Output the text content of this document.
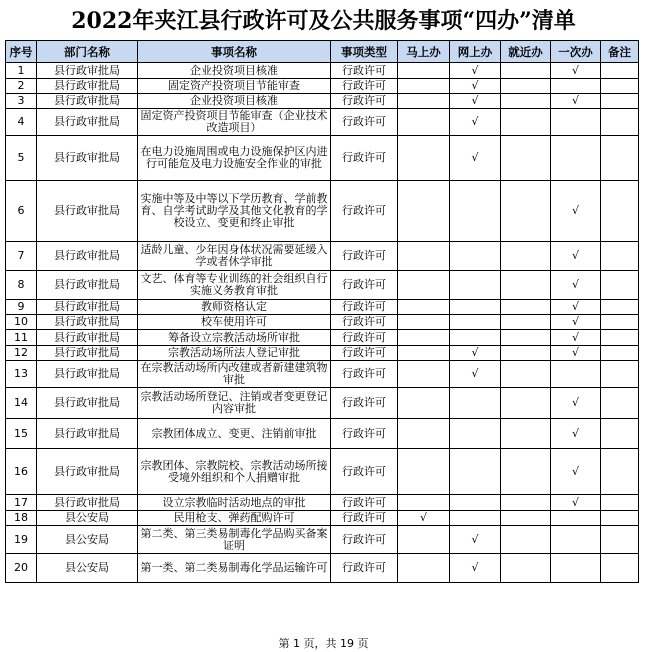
2022年夹江县行政许可及公共服务事项“四办”清单
序号	部门名称	事项名称	事项类型	马上办	网上办	就近办	一次办	备注
1	县行政审批局	企业投资项目核准	行政许可		√		√	
2	县行政审批局	固定资产投资项目节能审查	行政许可		√			
3	县行政审批局	企业投资项目核准	行政许可		√		√	
4	县行政审批局	固定资产投资项目节能审查（企业技术改造项目）	行政许可		√			
5	县行政审批局	在电力设施周围或电力设施保护区内进行可能危及电力设施安全作业的审批	行政许可		√			
6	县行政审批局	实施中等及中等以下学历教育、学前教育、自学考试助学及其他文化教育的学校设立、变更和终止审批	行政许可				√	
7	县行政审批局	适龄儿童、少年因身体状况需要延缓入学或者休学审批	行政许可				√	
8	县行政审批局	文艺、体育等专业训练的社会组织自行实施义务教育审批	行政许可				√	
9	县行政审批局	教师资格认定	行政许可				√	
10	县行政审批局	校车使用许可	行政许可				√	
11	县行政审批局	筹备设立宗教活动场所审批	行政许可				√	
12	县行政审批局	宗教活动场所法人登记审批	行政许可		√		√	
13	县行政审批局	在宗教活动场所内改建或者新建建筑物审批	行政许可		√			
14	县行政审批局	宗教活动场所登记、注销或者变更登记内容审批	行政许可				√	
15	县行政审批局	宗教团体成立、变更、注销前审批	行政许可				√	
16	县行政审批局	宗教团体、宗教院校、宗教活动场所接受境外组织和个人捐赠审批	行政许可				√	
17	县行政审批局	设立宗教临时活动地点的审批	行政许可				√	
18	县公安局	民用枪支、弹药配购许可	行政许可	√				
19	县公安局	第二类、第三类易制毒化学品购买备案证明	行政许可		√			
20	县公安局	第一类、第二类易制毒化学品运输许可	行政许可		√			
第 1 页，共 19 页
